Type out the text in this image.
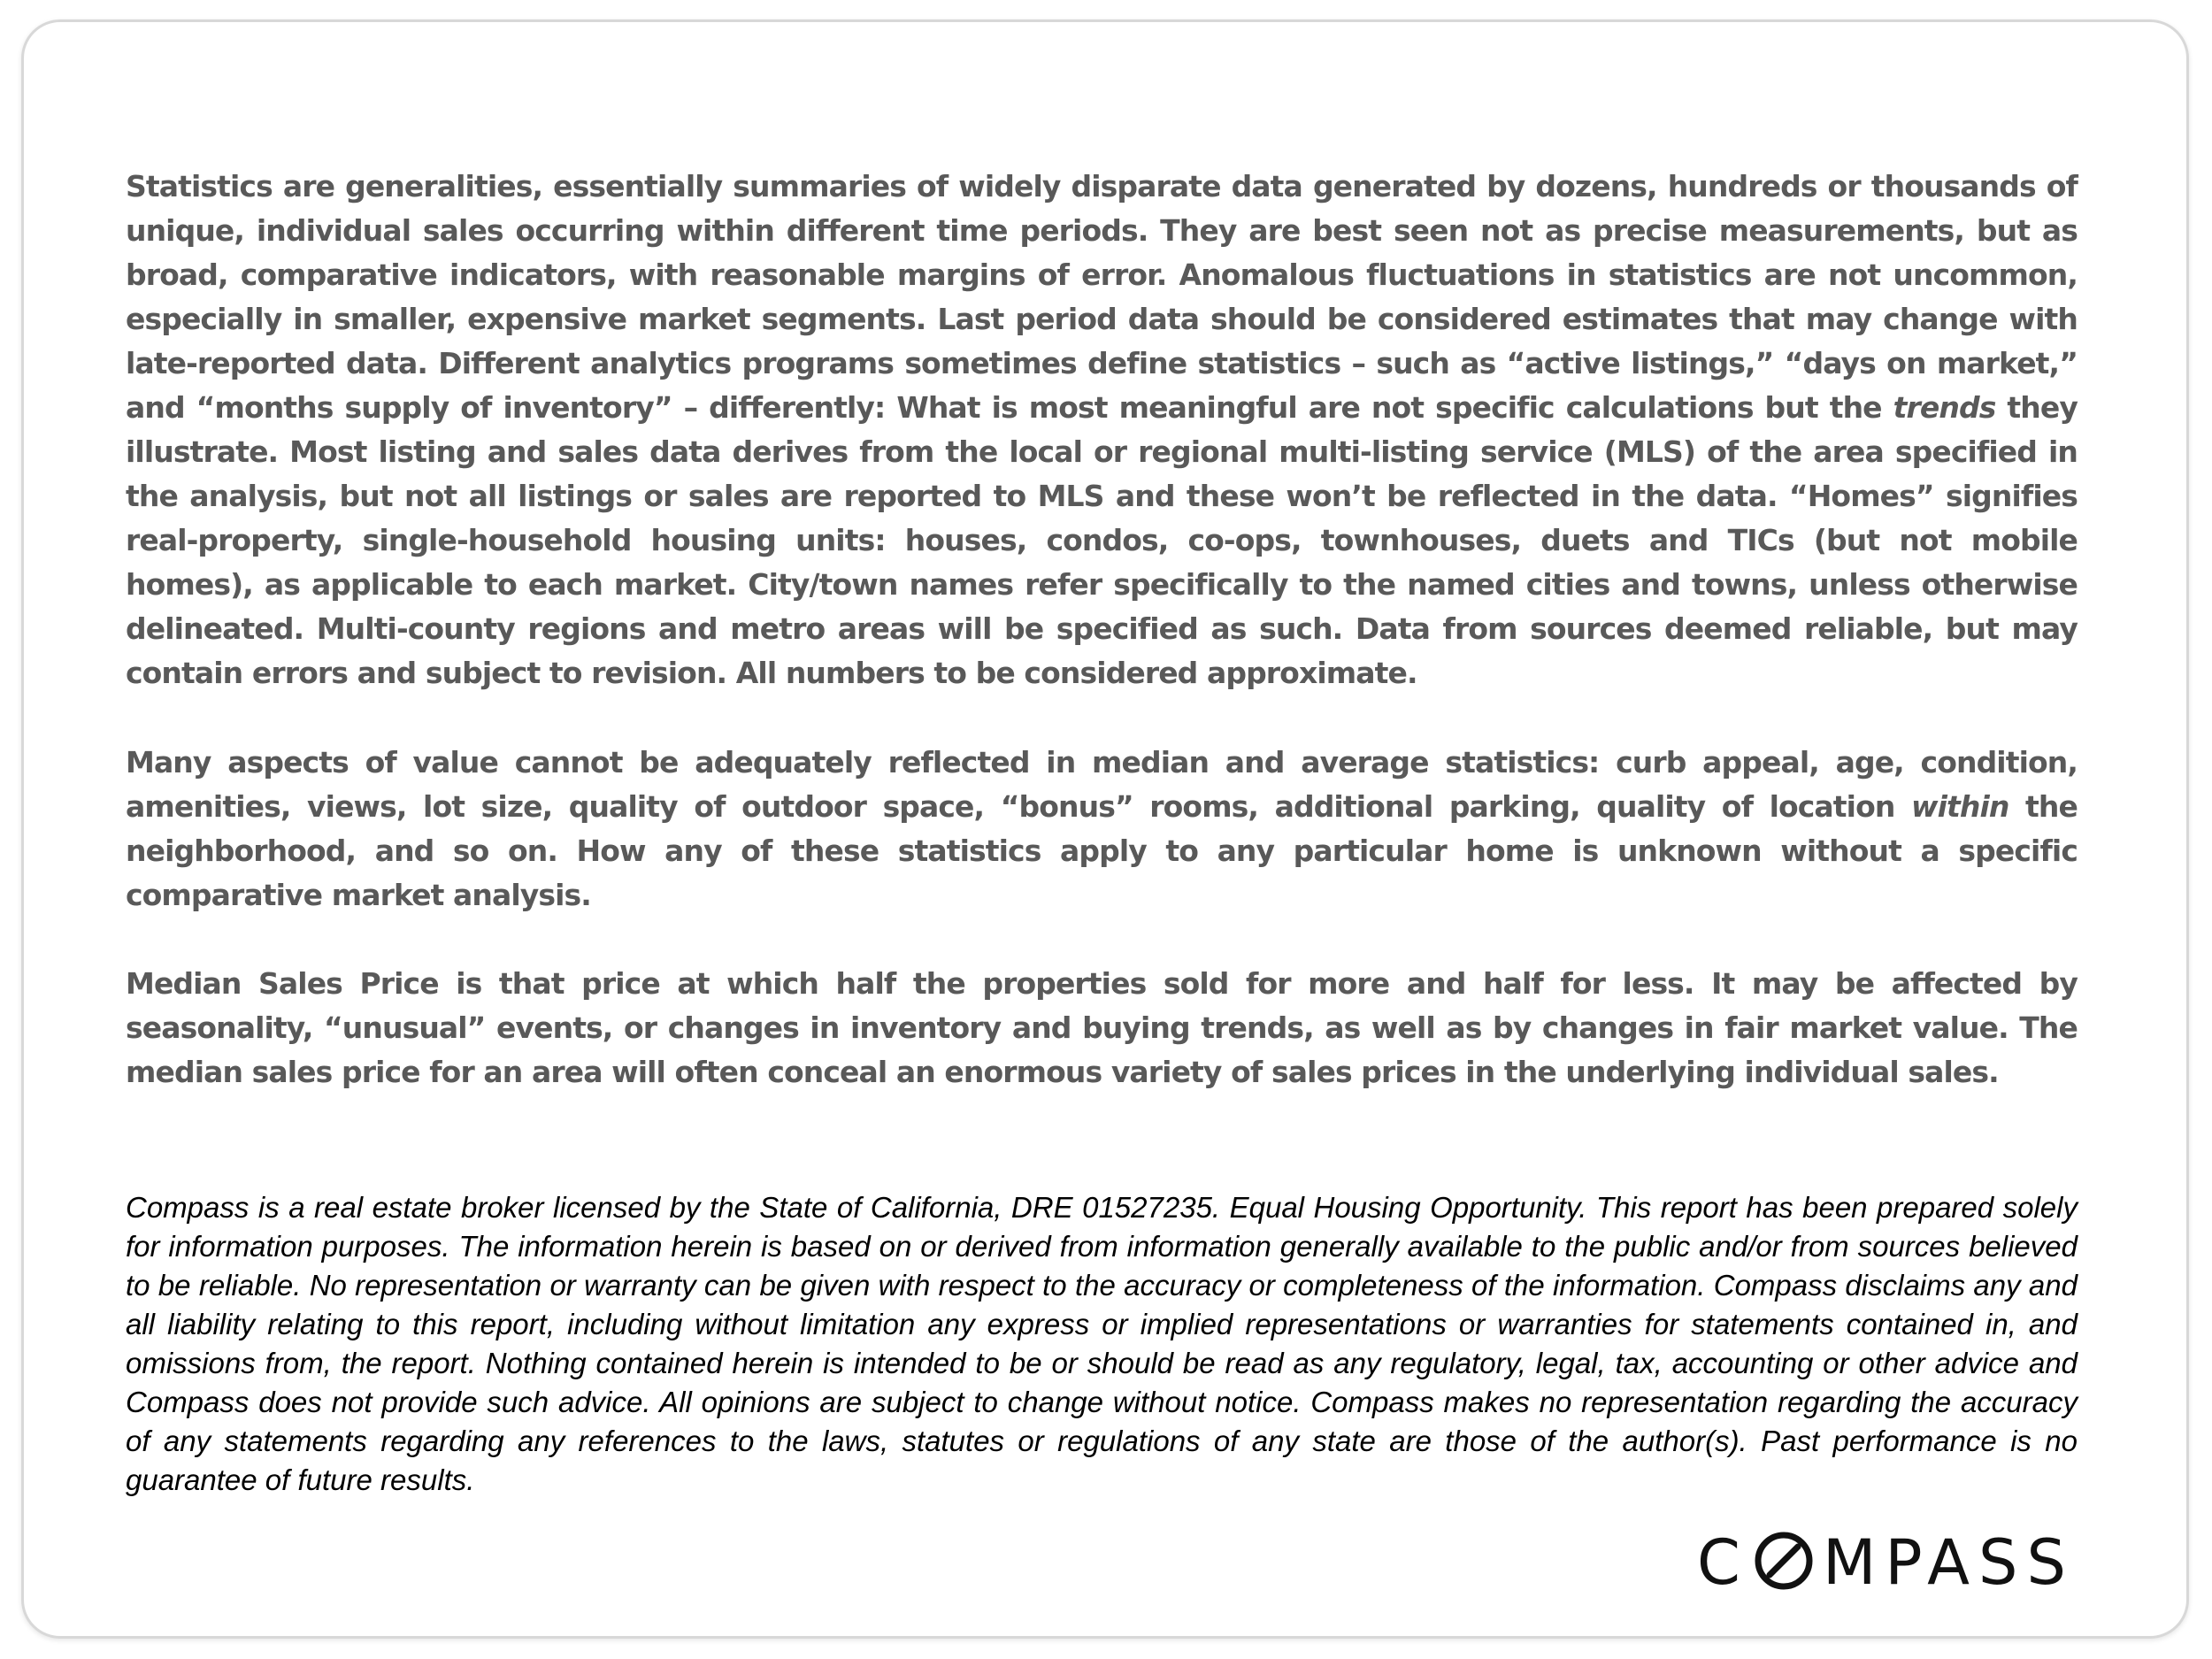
Statistics are generalities, essentially summaries of widely disparate data generated by dozens, hundreds or thousands of unique, individual sales occurring within different time periods. They are best seen not as precise measurements, but as broad, comparative indicators, with reasonable margins of error. Anomalous fluctuations in statistics are not uncommon, especially in smaller, expensive market segments. Last period data should be considered estimates that may change with late-reported data. Different analytics programs sometimes define statistics – such as “active listings,” “days on market,” and “months supply of inventory” – differently: What is most meaningful are not specific calculations but the trends they illustrate. Most listing and sales data derives from the local or regional multi-listing service (MLS) of the area specified in the analysis, but not all listings or sales are reported to MLS and these won’t be reflected in the data. “Homes” signifies real-property, single-household housing units: houses, condos, co-ops, townhouses, duets and TICs (but not mobile homes), as applicable to each market. City/town names refer specifically to the named cities and towns, unless otherwise delineated. Multi-county regions and metro areas will be specified as such. Data from sources deemed reliable, but may contain errors and subject to revision. All numbers to be considered approximate.

Many aspects of value cannot be adequately reflected in median and average statistics: curb appeal, age, condition, amenities, views, lot size, quality of outdoor space, “bonus” rooms, additional parking, quality of location within the neighborhood, and so on. How any of these statistics apply to any particular home is unknown without a specific comparative market analysis.

Median Sales Price is that price at which half the properties sold for more and half for less. It may be affected by seasonality, “unusual” events, or changes in inventory and buying trends, as well as by changes in fair market value. The median sales price for an area will often conceal an enormous variety of sales prices in the underlying individual sales.

Compass is a real estate broker licensed by the State of California, DRE 01527235. Equal Housing Opportunity. This report has been prepared solely for information purposes. The information herein is based on or derived from information generally available to the public and/or from sources believed to be reliable. No representation or warranty can be given with respect to the accuracy or completeness of the information. Compass disclaims any and all liability relating to this report, including without limitation any express or implied representations or warranties for statements contained in, and omissions from, the report. Nothing contained herein is intended to be or should be read as any regulatory, legal, tax, accounting or other advice and Compass does not provide such advice. All opinions are subject to change without notice. Compass makes no representation regarding the accuracy of any statements regarding any references to the laws, statutes or regulations of any state are those of the author(s). Past performance is no guarantee of future results.

C MPASS
